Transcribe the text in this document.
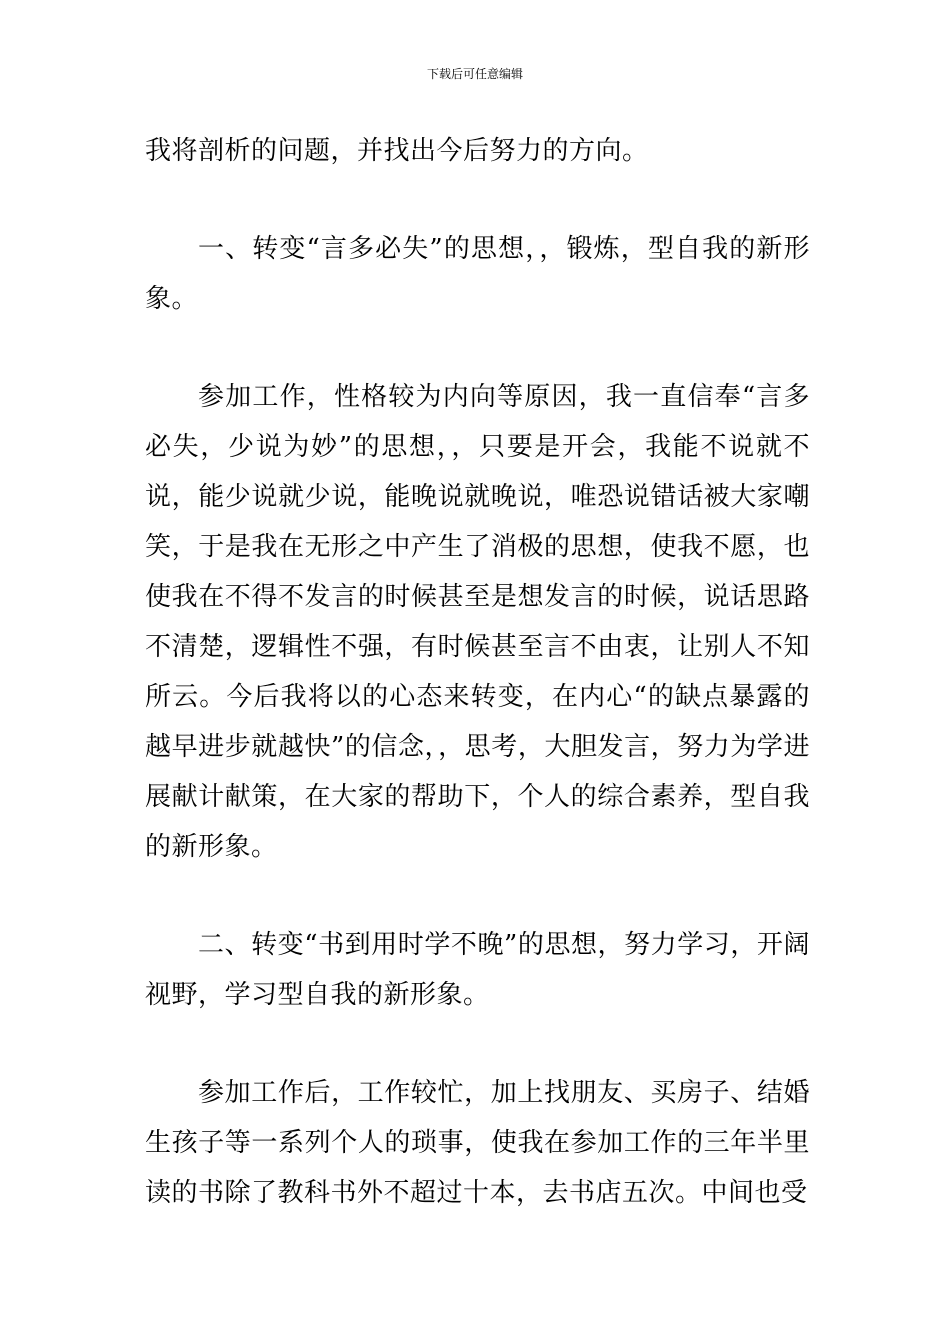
下载后可任意编辑

我将剖析的问题，并找出今后努力的方向。

一、转变“言多必失”的思想，，锻炼，型自我的新形象。

参加工作，性格较为内向等原因，我一直信奉“言多必失，少说为妙”的思想，，只要是开会，我能不说就不说，能少说就少说，能晚说就晚说，唯恐说错话被大家嘲笑，于是我在无形之中产生了消极的思想，使我不愿，也使我在不得不发言的时候甚至是想发言的时候，说话思路不清楚，逻辑性不强，有时候甚至言不由衷，让别人不知所云。今后我将以的心态来转变，在内心“的缺点暴露的越早进步就越快”的信念，，思考，大胆发言，努力为学进展献计献策，在大家的帮助下，个人的综合素养，型自我的新形象。

二、转变“书到用时学不晚”的思想，努力学习，开阔视野，学习型自我的新形象。

参加工作后，工作较忙，加上找朋友、买房子、结婚生孩子等一系列个人的琐事，使我在参加工作的三年半里读的书除了教科书外不超过十本，去书店五次。中间也受
